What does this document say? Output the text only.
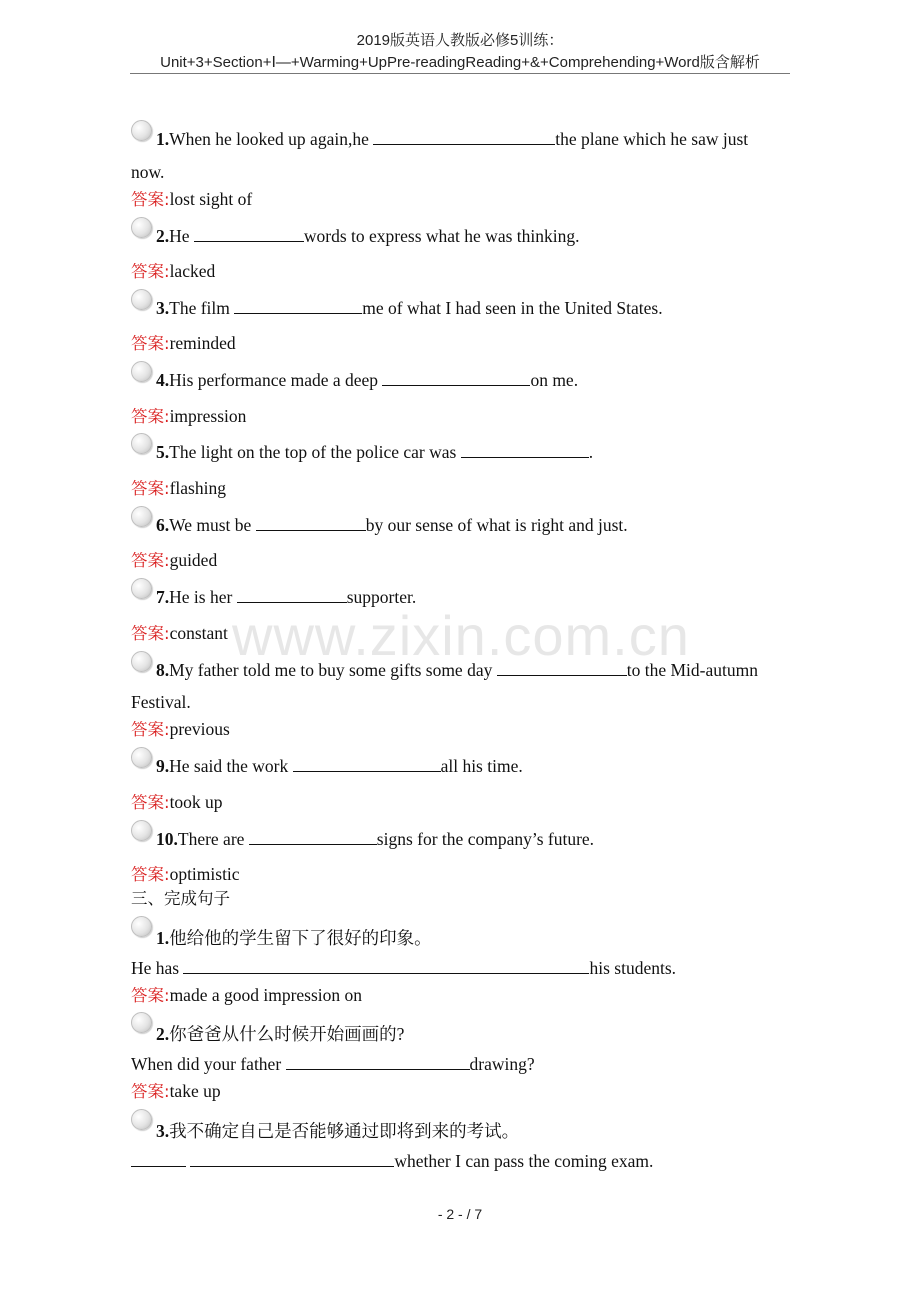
2019版英语人教版必修5训练：
Unit+3+Section+Ⅰ—+Warming+UpPre-readingReading+&+Comprehending+Word版含解析
www.zixin.com.cn
1.When he looked up again,he	the plane which he saw just
now.
答案:lost sight of
2.He	words to express what he was thinking.
答案:lacked
3.The film	me of what I had seen in the United States.
答案:reminded
4.His performance made a deep	on me.
答案:impression
5.The light on the top of the police car was	.
答案:flashing
6.We must be	by our sense of what is right and just.
答案:guided
7.He is her	supporter.
答案:constant
8.My father told me to buy some gifts some day	to the Mid-autumn
Festival.
答案:previous
9.He said the work	all his time.
答案:took up
10.There are	signs for the company’s future.
答案:optimistic
三、完成句子
1.他给他的学生留下了很好的印象。
He has	his students.
答案:made a good impression on
2.你爸爸从什么时候开始画画的?
When did your father	drawing?
答案:take up
3.我不确定自己是否能够通过即将到来的考试。
whether I can pass the coming exam.
- 2 - / 7
